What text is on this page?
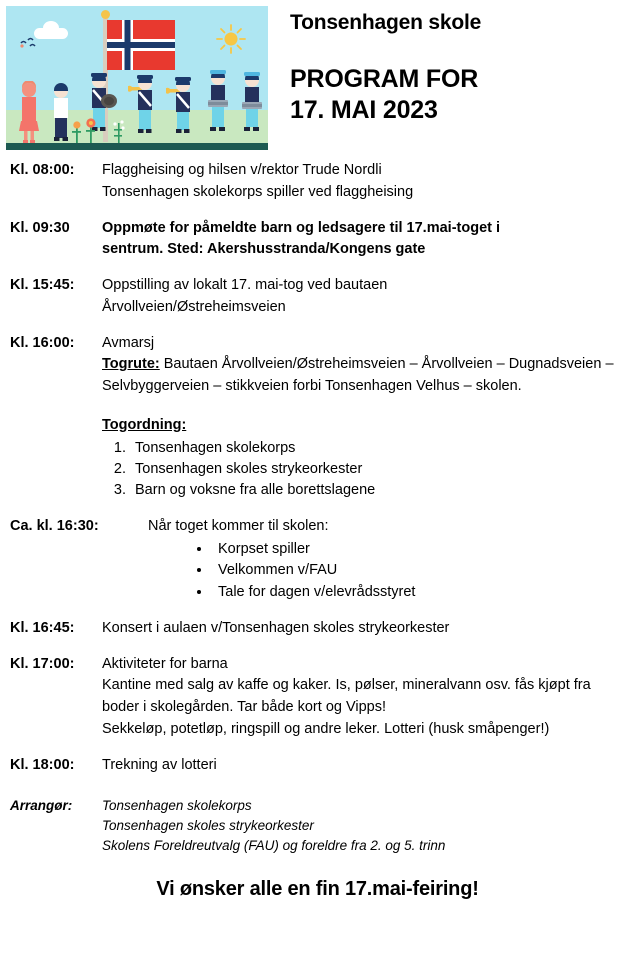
Tonsenhagen skole
PROGRAM FOR
17. MAI 2023
Kl. 08:00:	Flaggheising og hilsen v/rektor Trude Nordli
Tonsenhagen skolekorps spiller ved flaggheising
Kl. 09:30	Oppmøte for påmeldte barn og ledsagere til 17.mai-toget i
sentrum. Sted: Akershusstranda/Kongens gate
Kl. 15:45:	Oppstilling av lokalt 17. mai-tog ved bautaen
Årvollveien/Østreheimsveien
Kl. 16:00:	Avmarsj
Togrute: Bautaen Årvollveien/Østreheimsveien – Årvollveien – Dugnadsveien – Selvbyggerveien – stikkveien forbi Tonsenhagen Velhus – skolen.
Togordning:
1. Tonsenhagen skolekorps
2. Tonsenhagen skoles strykeorkester
3. Barn og voksne fra alle borettslagene
Ca. kl. 16:30:	Når toget kommer til skolen:
• Korpset spiller
• Velkommen v/FAU
• Tale for dagen v/elevrådsstyret
Kl. 16:45:	Konsert i aulaen v/Tonsenhagen skoles strykeorkester
Kl. 17:00:	Aktiviteter for barna
Kantine med salg av kaffe og kaker. Is, pølser, mineralvann osv. fås kjøpt fra boder i skolegården. Tar både kort og Vipps!
Sekkeløp, potetløp, ringspill og andre leker. Lotteri (husk småpenger!)
Kl. 18:00:	Trekning av lotteri
Arrangør:	Tonsenhagen skolekorps
Tonsenhagen skoles strykeorkester
Skolens Foreldreutvalg (FAU) og foreldre fra 2. og 5. trinn
Vi ønsker alle en fin 17.mai-feiring!
